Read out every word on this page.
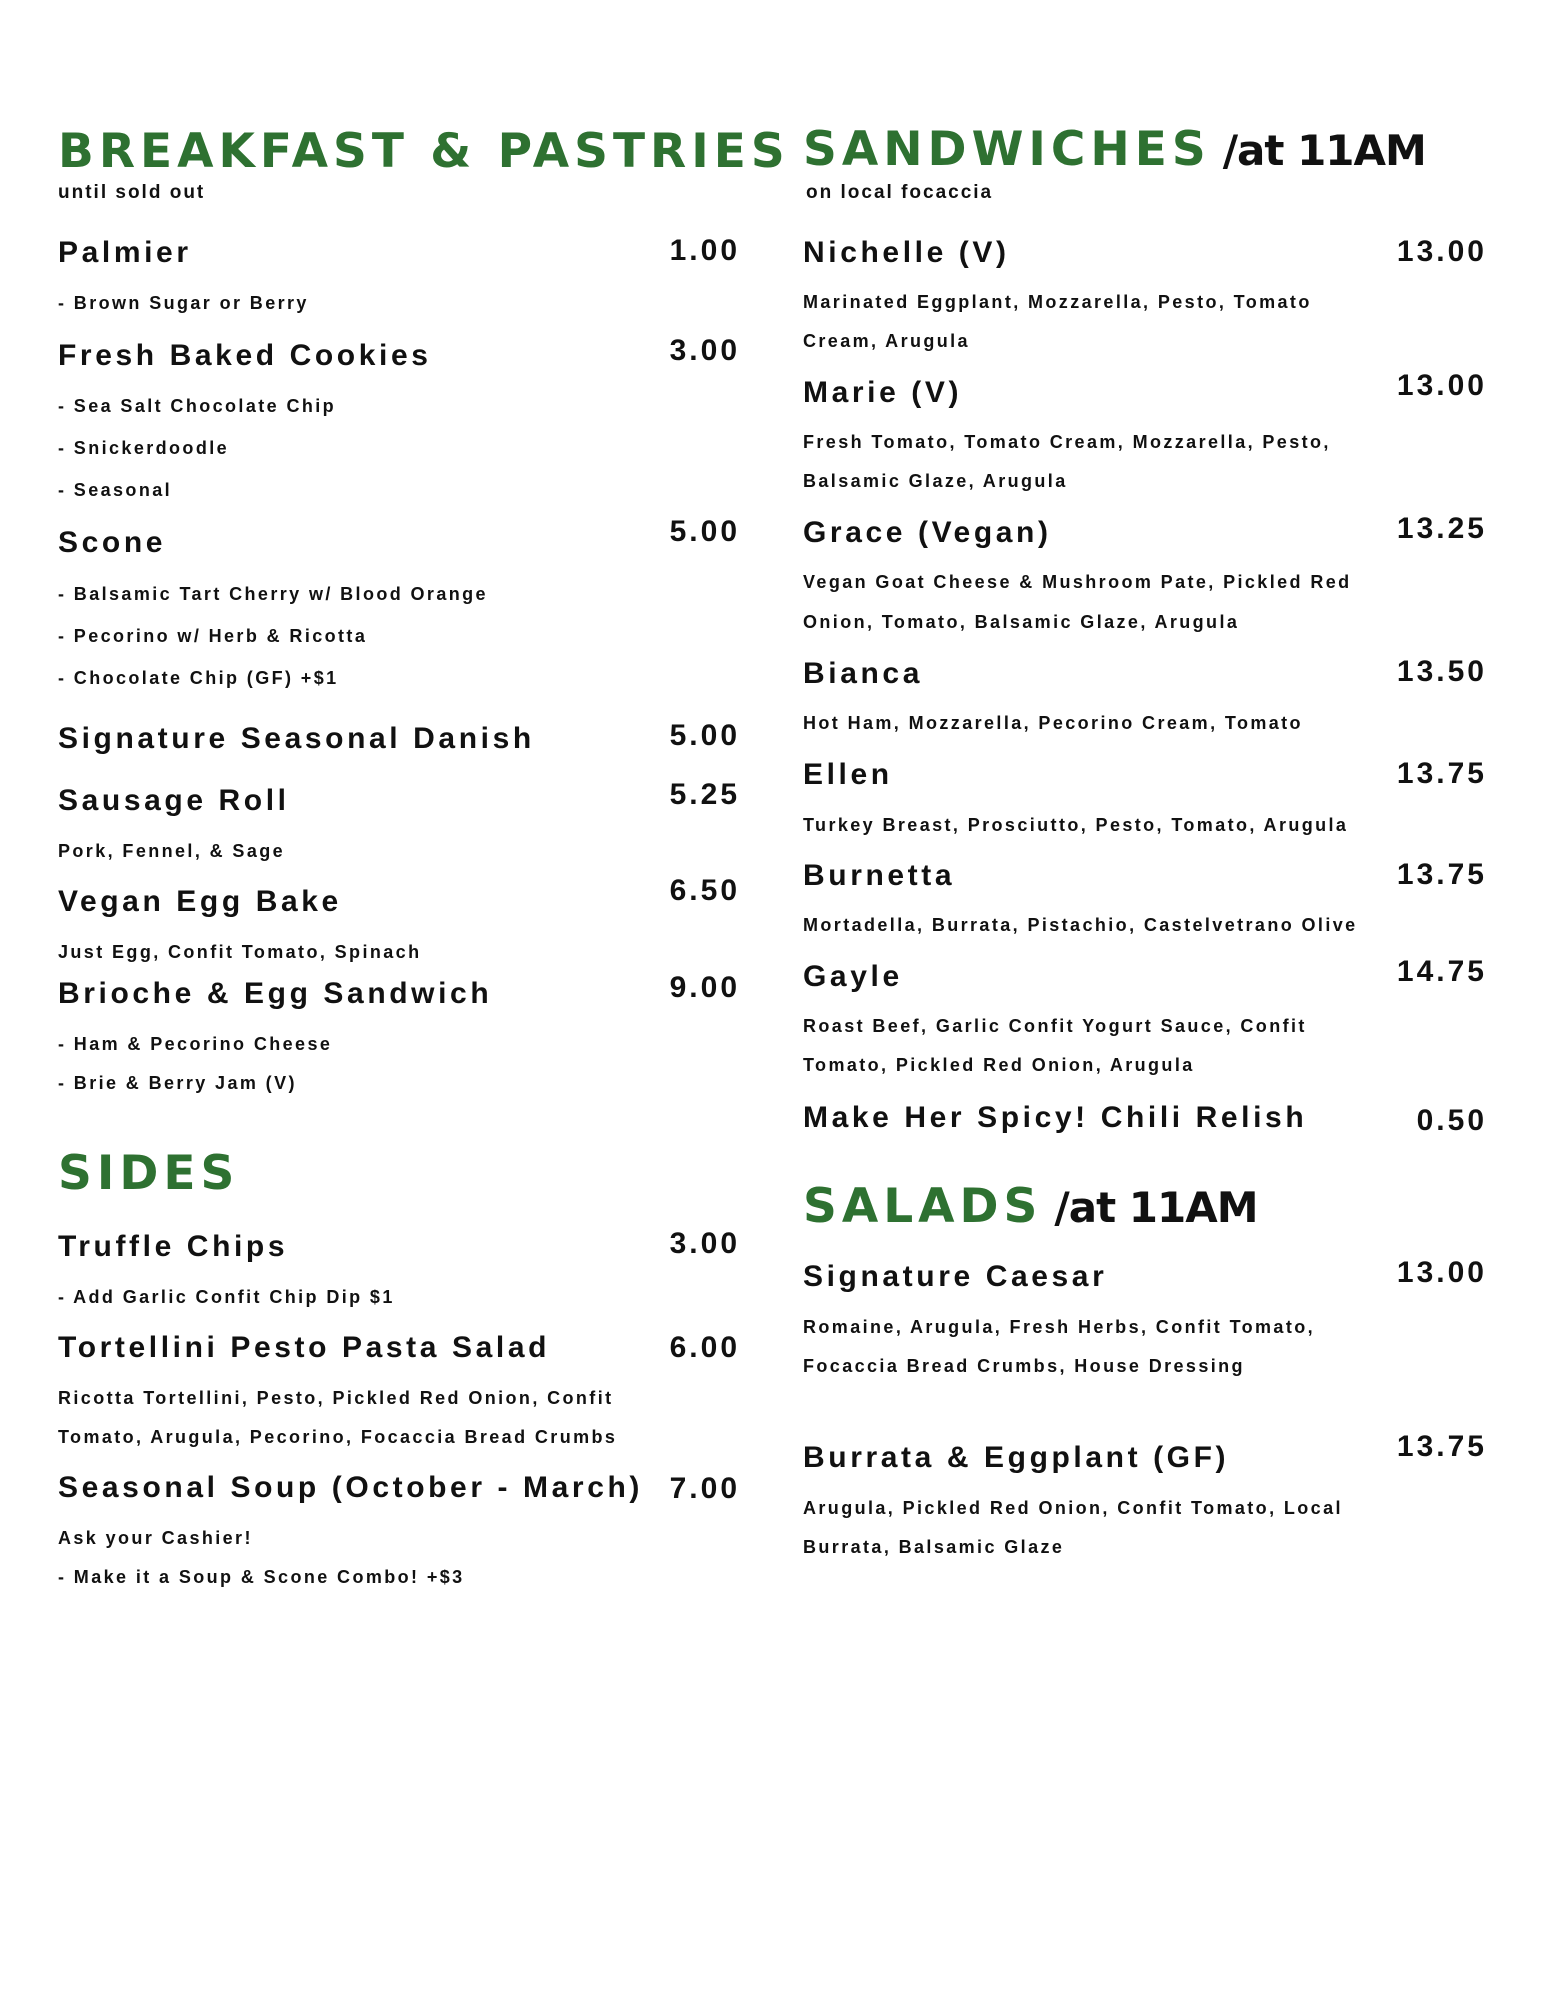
BREAKFAST & PASTRIES
until sold out
Palmier	1.00
- Brown Sugar or Berry
Fresh Baked Cookies	3.00
- Sea Salt Chocolate Chip
- Snickerdoodle
- Seasonal
Scone	5.00
- Balsamic Tart Cherry w/ Blood Orange
- Pecorino w/ Herb & Ricotta
- Chocolate Chip (GF) +$1
Signature Seasonal Danish	5.00
Sausage Roll	5.25
Pork, Fennel, & Sage
Vegan Egg Bake	6.50
Just Egg, Confit Tomato, Spinach
Brioche & Egg Sandwich	9.00
- Ham & Pecorino Cheese
- Brie & Berry Jam (V)
SIDES
Truffle Chips	3.00
- Add Garlic Confit Chip Dip $1
Tortellini Pesto Pasta Salad	6.00
Ricotta Tortellini, Pesto, Pickled Red Onion, Confit
Tomato, Arugula, Pecorino, Focaccia Bread Crumbs
Seasonal Soup (October - March) 7.00
Ask your Cashier!
- Make it a Soup & Scone Combo! +$3
SANDWICHES /at 11AM
on local focaccia
Nichelle (V)	13.00
Marinated Eggplant, Mozzarella, Pesto, Tomato
Cream, Arugula
Marie (V)	13.00
Fresh Tomato, Tomato Cream, Mozzarella, Pesto,
Balsamic Glaze, Arugula
Grace (Vegan)	13.25
Vegan Goat Cheese & Mushroom Pate, Pickled Red
Onion, Tomato, Balsamic Glaze, Arugula
Bianca	13.50
Hot Ham, Mozzarella, Pecorino Cream, Tomato
Ellen	13.75
Turkey Breast, Prosciutto, Pesto, Tomato, Arugula
Burnetta	13.75
Mortadella, Burrata, Pistachio, Castelvetrano Olive
Gayle	14.75
Roast Beef, Garlic Confit Yogurt Sauce, Confit
Tomato, Pickled Red Onion, Arugula
Make Her Spicy! Chili Relish	0.50
SALADS /at 11AM
Signature Caesar	13.00
Romaine, Arugula, Fresh Herbs, Confit Tomato,
Focaccia Bread Crumbs, House Dressing
Burrata & Eggplant (GF)	13.75
Arugula, Pickled Red Onion, Confit Tomato, Local
Burrata, Balsamic Glaze
